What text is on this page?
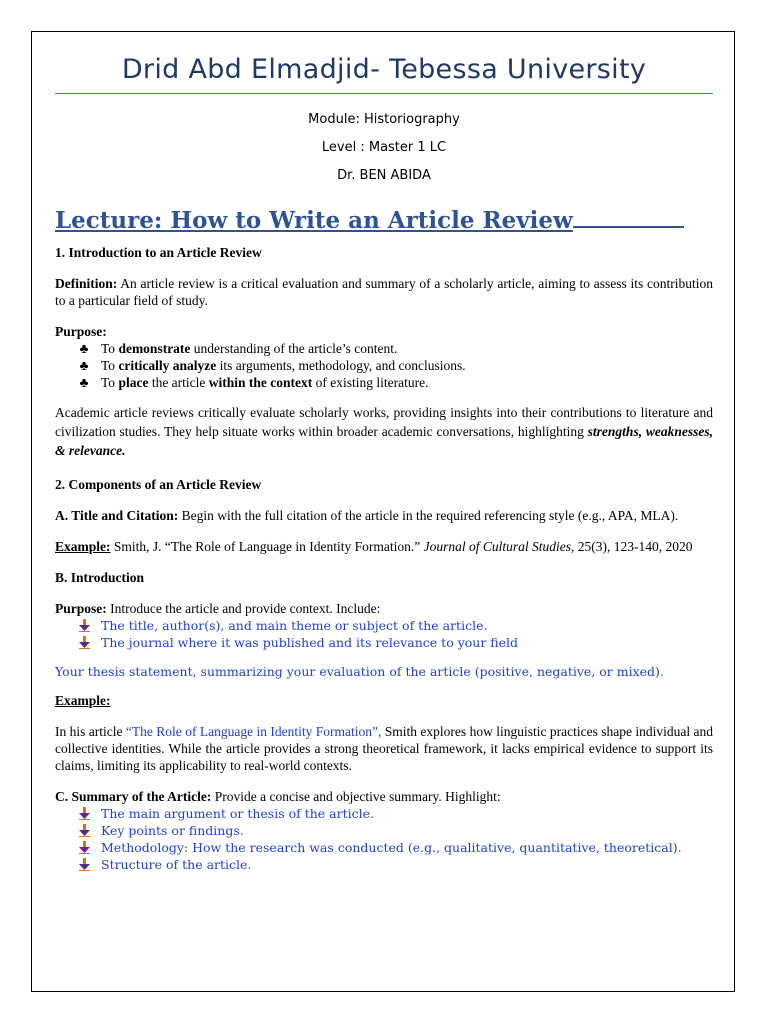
Drid Abd Elmadjid- Tebessa University
Module: Historiography
Level : Master 1 LC
Dr. BEN ABIDA
Lecture: How to Write an Article Review

1. Introduction to an Article Review

Definition: An article review is a critical evaluation and summary of a scholarly article, aiming to assess its contribution to a particular field of study.

Purpose:

♣ To demonstrate understanding of the article’s content.
♣ To critically analyze its arguments, methodology, and conclusions.
♣ To place the article within the context of existing literature.

Academic article reviews critically evaluate scholarly works, providing insights into their contributions to literature and civilization studies. They help situate works within broader academic conversations, highlighting strengths, weaknesses, & relevance.

2. Components of an Article Review

A. Title and Citation: Begin with the full citation of the article in the required referencing style (e.g., APA, MLA).

Example: Smith, J. “The Role of Language in Identity Formation.” Journal of Cultural Studies, 25(3), 123-140, 2020

B. Introduction

Purpose: Introduce the article and provide context. Include:

The title, author(s), and main theme or subject of the article.
The journal where it was published and its relevance to your field

Your thesis statement, summarizing your evaluation of the article (positive, negative, or mixed).

Example:

In his article “The Role of Language in Identity Formation”, Smith explores how linguistic practices shape individual and collective identities. While the article provides a strong theoretical framework, it lacks empirical evidence to support its claims, limiting its applicability to real-world contexts.

C. Summary of the Article: Provide a concise and objective summary. Highlight:

The main argument or thesis of the article.
Key points or findings.
Methodology: How the research was conducted (e.g., qualitative, quantitative, theoretical).
Structure of the article.
